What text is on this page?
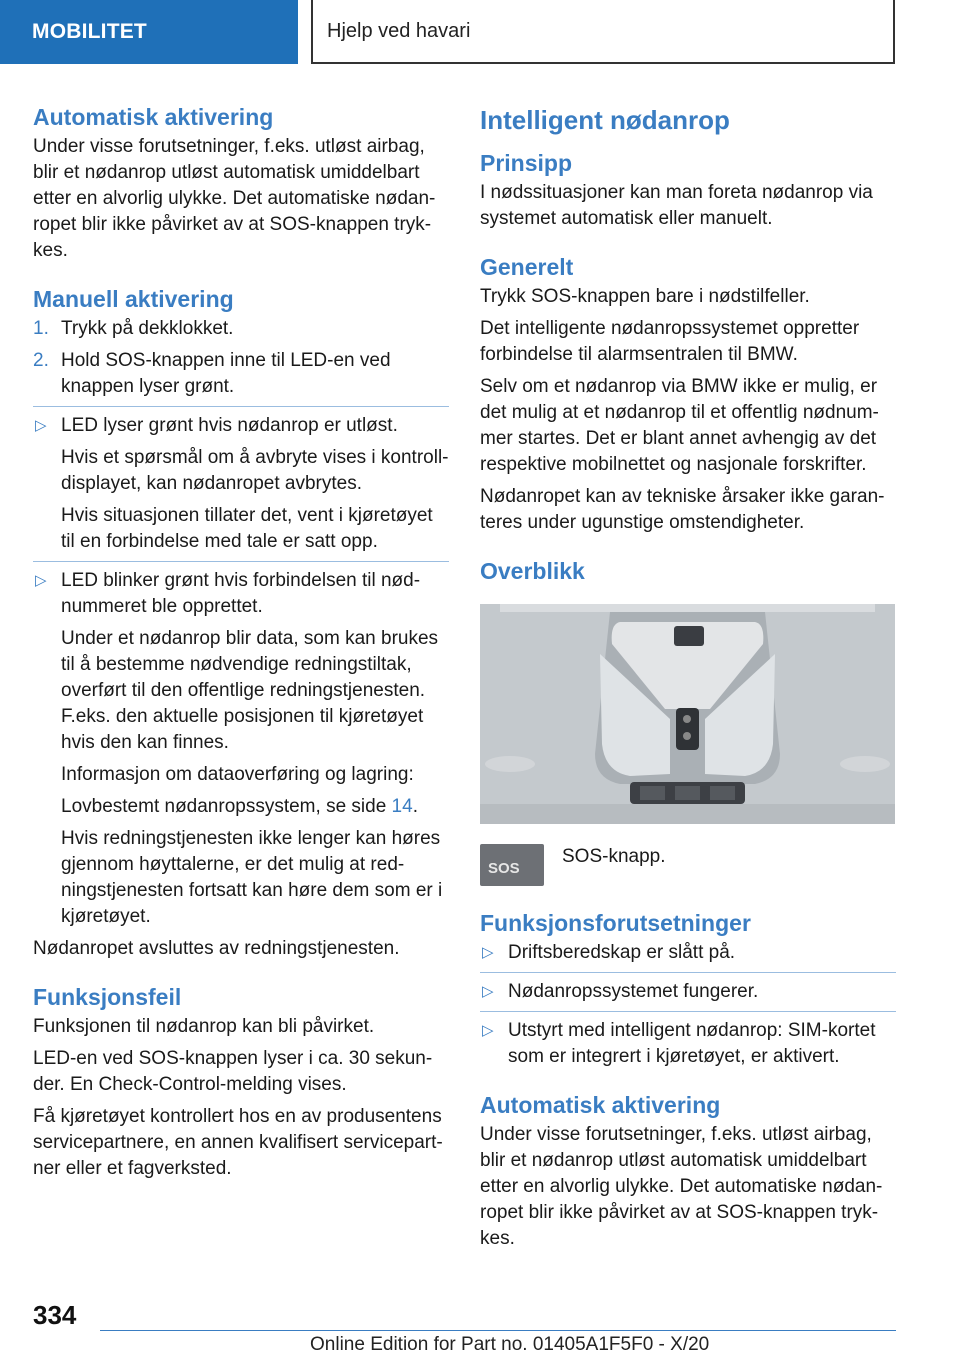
MOBILITET	Hjelp ved havari
Automatisk aktivering

Under visse forutsetninger, f.eks. utløst airbag, blir et nødanrop utløst automatisk umiddelbart etter en alvorlig ulykke. Det automatiske nødanropet blir ikke påvirket av at SOS-knappen trykkes.

Manuell aktivering
1. Trykk på dekklokket.
2. Hold SOS-knappen inne til LED-en ved knappen lyser grønt.
▷ LED lyser grønt hvis nødanrop er utløst.

Hvis et spørsmål om å avbryte vises i kontrolldisplayet, kan nødanropet avbrytes.

Hvis situasjonen tillater det, vent i kjøretøyet til en forbindelse med tale er satt opp.

▷ LED blinker grønt hvis forbindelsen til nødnummeret ble opprettet.

Under et nødanrop blir data, som kan brukes til å bestemme nødvendige redningstiltak, overført til den offentlige redningstjenesten. F.eks. den aktuelle posisjonen til kjøretøyet hvis den kan finnes.

Informasjon om dataoverføring og lagring:

Lovbestemt nødanropssystem, se side 14.

Hvis redningstjenesten ikke lenger kan høres gjennom høyttalerne, er det mulig at redningstjenesten fortsatt kan høre dem som er i kjøretøyet.

Nødanropet avsluttes av redningstjenesten.

Funksjonsfeil

Funksjonen til nødanrop kan bli påvirket.

LED-en ved SOS-knappen lyser i ca. 30 sekunder. En Check-Control-melding vises.

Få kjøretøyet kontrollert hos en av produsentens servicepartnere, en annen kvalifisert servicepartner eller et fagverksted.

Intelligent nødanrop
Prinsipp

I nødssituasjoner kan man foreta nødanrop via systemet automatisk eller manuelt.

Generelt

Trykk SOS-knappen bare i nødstilfeller.

Det intelligente nødanropssystemet oppretter forbindelse til alarmsentralen til BMW.

Selv om et nødanrop via BMW ikke er mulig, er det mulig at et nødanrop til et offentlig nødnummer startes. Det er blant annet avhengig av det respektive mobilnettet og nasjonale forskrifter.

Nødanropet kan av tekniske årsaker ikke garanteres under ugunstige omstendigheter.

Overblikk
SOS
SOS-knapp.
Funksjonsforutsetninger
▷ Driftsberedskap er slått på.
▷ Nødanropssystemet fungerer.
▷ Utstyrt med intelligent nødanrop: SIM-kortet som er integrert i kjøretøyet, er aktivert.
Automatisk aktivering

Under visse forutsetninger, f.eks. utløst airbag, blir et nødanrop utløst automatisk umiddelbart etter en alvorlig ulykke. Det automatiske nødanropet blir ikke påvirket av at SOS-knappen trykkes.

334
Online Edition for Part no. 01405A1F5F0 - X/20
